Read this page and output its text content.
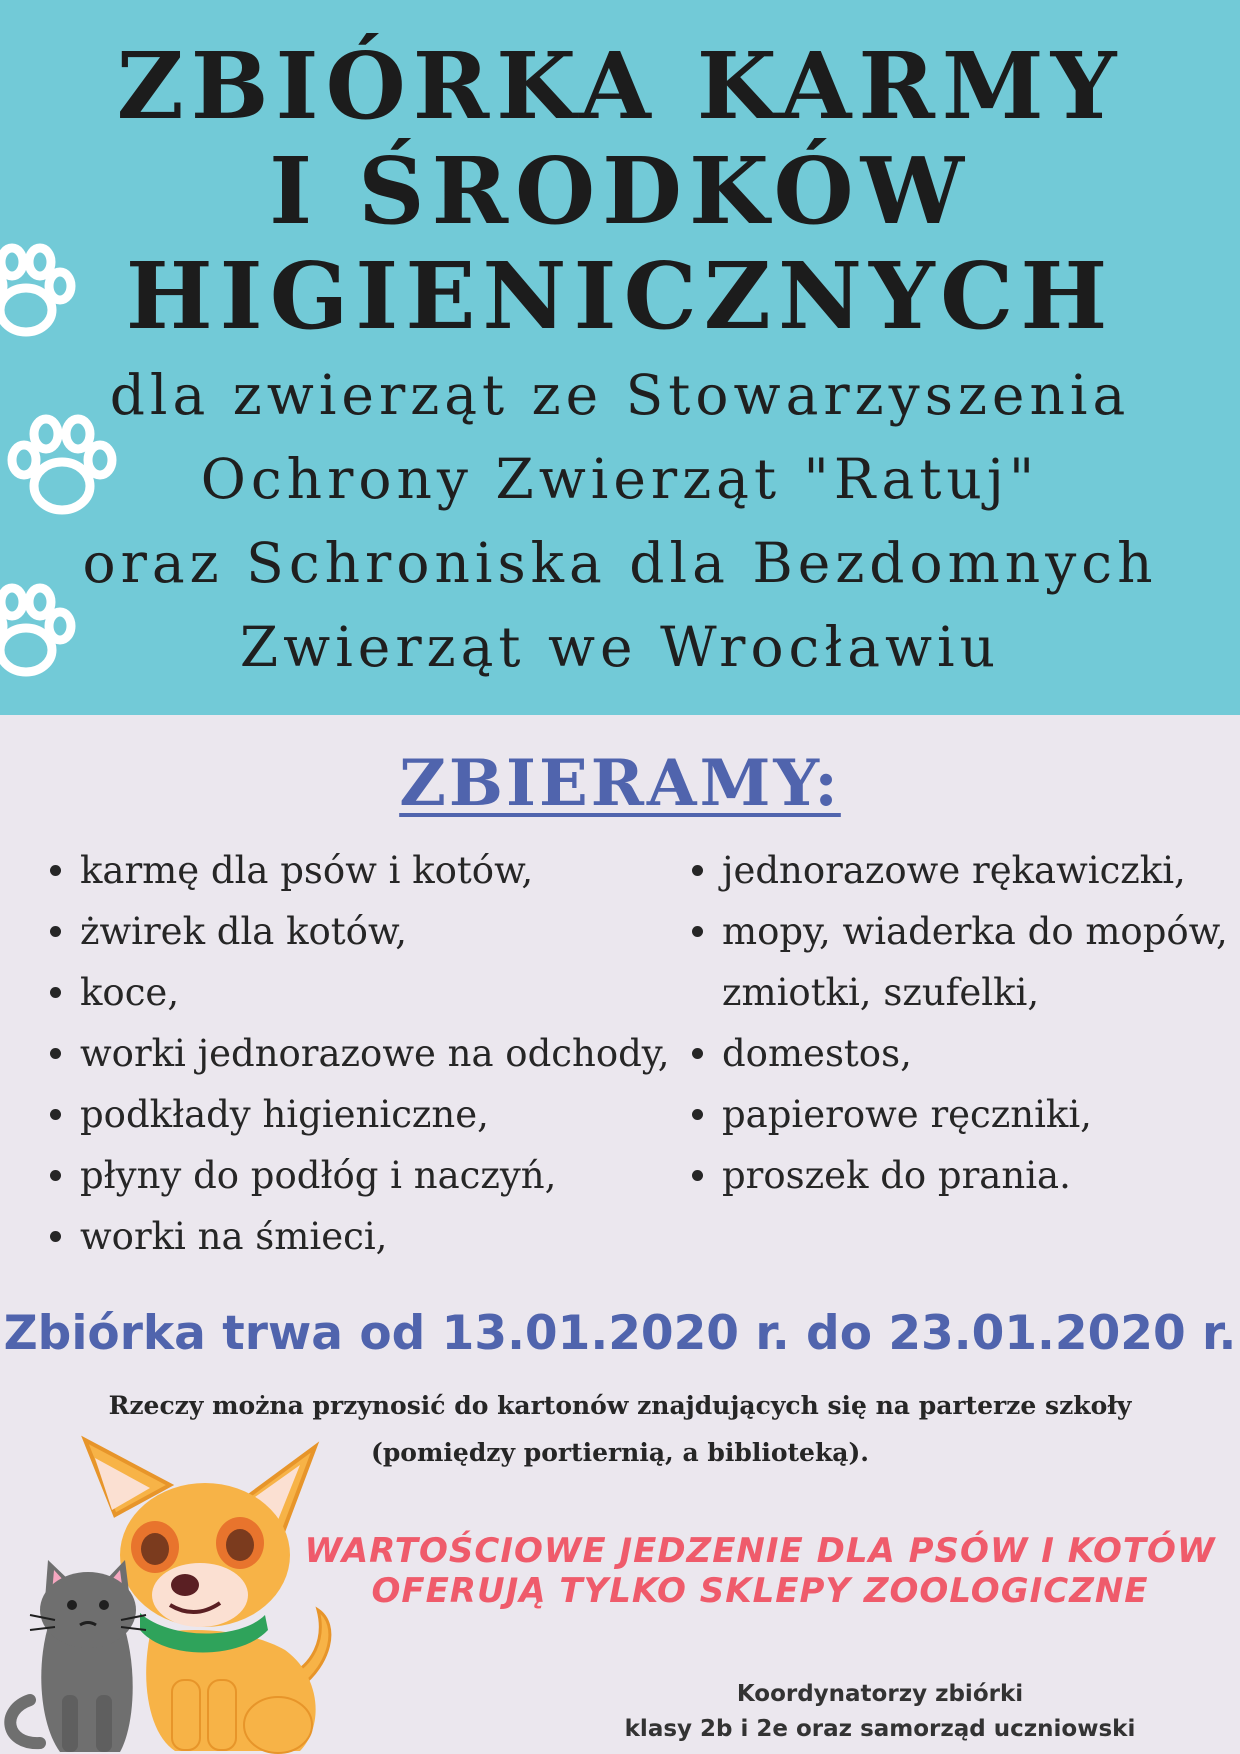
ZBIÓRKA KARMY
I ŚRODKÓW
HIGIENICZNYCH
dla zwierząt ze Stowarzyszenia
Ochrony Zwierząt "Ratuj"
oraz Schroniska dla Bezdomnych
Zwierząt we Wrocławiu
ZBIERAMY:
karmę dla psów i kotów,
żwirek dla kotów,
koce,
worki jednorazowe na odchody,
podkłady higieniczne,
płyny do podłóg i naczyń,
worki na śmieci,
jednorazowe rękawiczki,
mopy, wiaderka do mopów,
zmiotki, szufelki,
domestos,
papierowe ręczniki,
proszek do prania.
Zbiórka trwa od 13.01.2020 r. do 23.01.2020 r.
Rzeczy można przynosić do kartonów znajdujących się na parterze szkoły
(pomiędzy portiernią, a biblioteką).
WARTOŚCIOWE JEDZENIE DLA PSÓW I KOTÓW
OFERUJĄ TYLKO SKLEPY ZOOLOGICZNE
Koordynatorzy zbiórki
klasy 2b i 2e oraz samorząd uczniowski
